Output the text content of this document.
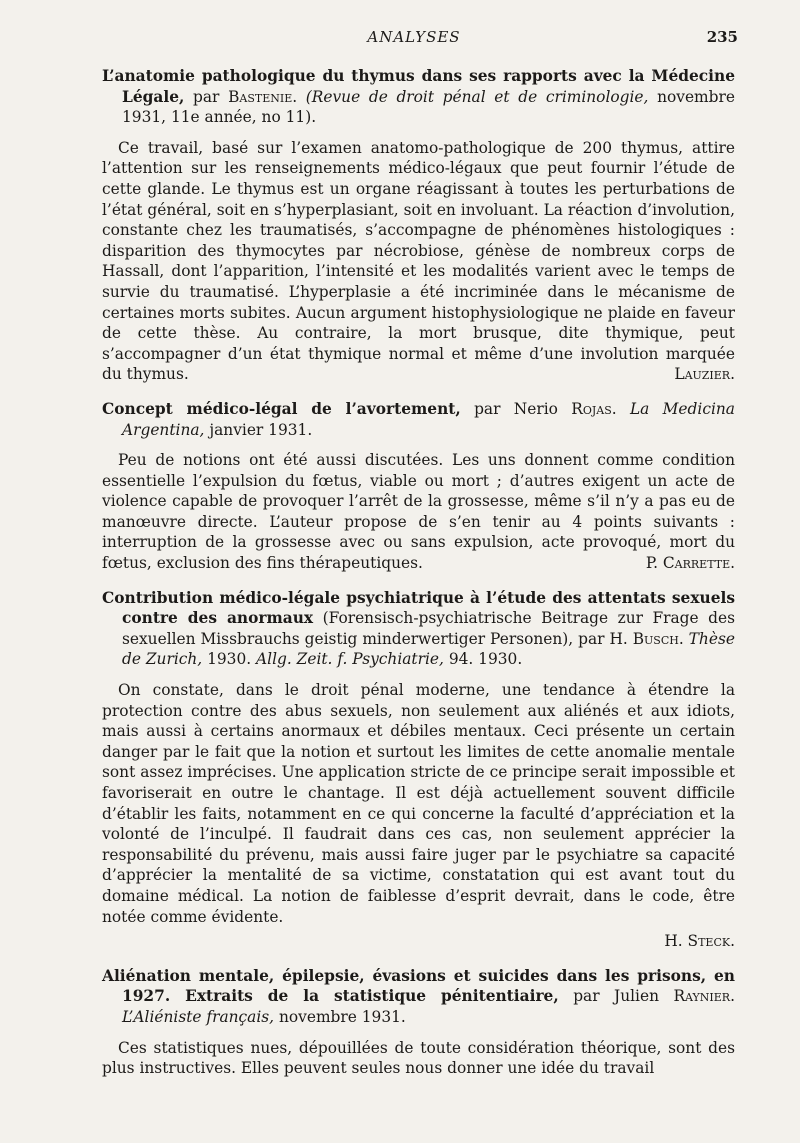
ANALYSES	235

L’anatomie pathologique du thymus dans ses rapports avec la Médecine Légale, par Bastenie. (Revue de droit pénal et de criminologie, novembre 1931, 11e année, no 11).

Ce travail, basé sur l’examen anatomo-pathologique de 200 thymus, attire l’attention sur les renseignements médico-légaux que peut fournir l’étude de cette glande. Le thymus est un organe réagissant à toutes les perturbations de l’état général, soit en s’hyperplasiant, soit en involuant. La réaction d’involution, constante chez les traumatisés, s’accompagne de phénomènes histologiques : disparition des thymocytes par nécrobiose, génèse de nombreux corps de Hassall, dont l’apparition, l’intensité et les modalités varient avec le temps de survie du traumatisé. L’hyperplasie a été incriminée dans le mécanisme de certaines morts subites. Aucun argument histophysiologique ne plaide en faveur de cette thèse. Au contraire, la mort brusque, dite thymique, peut s’accompagner d’un état thymique normal et même d’une involution marquée du thymus.	Lauzier.

Concept médico-légal de l’avortement, par Nerio Rojas. La Medicina Argentina, janvier 1931.

Peu de notions ont été aussi discutées. Les uns donnent comme condition essentielle l’expulsion du fœtus, viable ou mort ; d’autres exigent un acte de violence capable de provoquer l’arrêt de la grossesse, même s’il n’y a pas eu de manœuvre directe. L’auteur propose de s’en tenir au 4 points suivants : interruption de la grossesse avec ou sans expulsion, acte provoqué, mort du fœtus, exclusion des fins thérapeutiques.	P. Carrette.

Contribution médico-légale psychiatrique à l’étude des attentats sexuels contre des anormaux (Forensisch-psychiatrische Beitrage zur Frage des sexuellen Missbrauchs geistig minderwertiger Personen), par H. Busch. Thèse de Zurich, 1930. Allg. Zeit. f. Psychiatrie, 94. 1930.

On constate, dans le droit pénal moderne, une tendance à étendre la protection contre des abus sexuels, non seulement aux aliénés et aux idiots, mais aussi à certains anormaux et débiles mentaux. Ceci présente un certain danger par le fait que la notion et surtout les limites de cette anomalie mentale sont assez imprécises. Une application stricte de ce principe serait impossible et favoriserait en outre le chantage. Il est déjà actuellement souvent difficile d’établir les faits, notamment en ce qui concerne la faculté d’appréciation et la volonté de l’inculpé. Il faudrait dans ces cas, non seulement apprécier la responsabilité du prévenu, mais aussi faire juger par le psychiatre sa capacité d’apprécier la mentalité de sa victime, constatation qui est avant tout du domaine médical. La notion de faiblesse d’esprit devrait, dans le code, être notée comme évidente.

H. Steck.

Aliénation mentale, épilepsie, évasions et suicides dans les prisons, en 1927. Extraits de la statistique pénitentiaire, par Julien Raynier. L’Aliéniste français, novembre 1931.

Ces statistiques nues, dépouillées de toute considération théorique, sont des plus instructives. Elles peuvent seules nous donner une idée du travail
